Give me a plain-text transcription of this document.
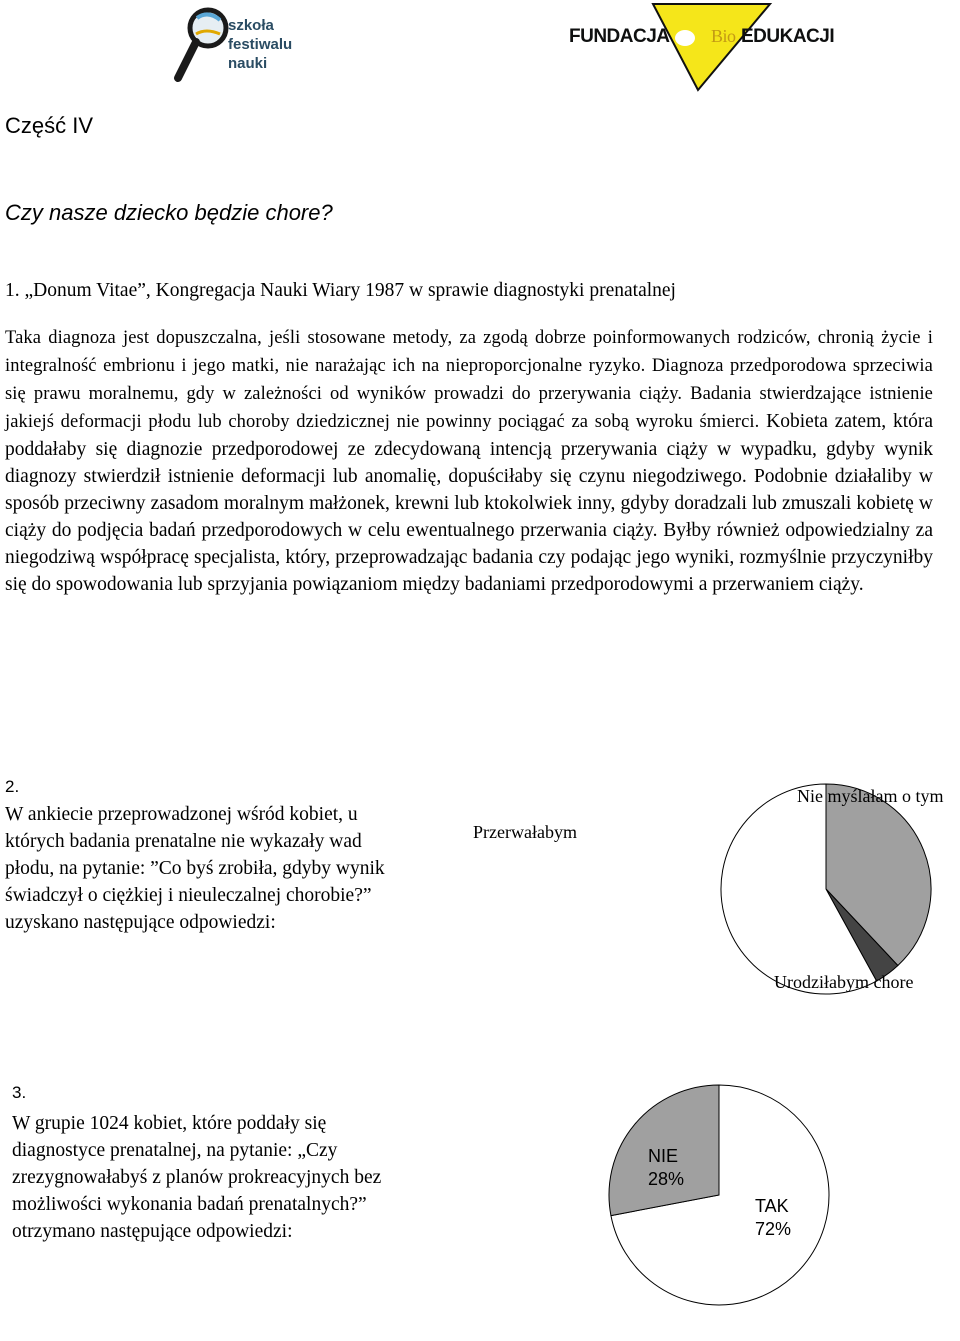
szkoła
festiwalu
nauki
FUNDACJA Bio EDUKACJI
Część IV
Czy nasze dziecko będzie chore?
1. „Donum Vitae”, Kongregacja Nauki Wiary 1987 w sprawie diagnostyki prenatalnej
Taka diagnoza jest dopuszczalna, jeśli stosowane metody, za zgodą dobrze poinformowanych rodziców, chronią życie i integralność embrionu i jego matki, nie narażając ich na nieproporcjonalne ryzyko. Diagnoza przedporodowa sprzeciwia się prawu moralnemu, gdy w zależności od wyników prowadzi do przerywania ciąży. Badania stwierdzające istnienie jakiejś deformacji płodu lub choroby dziedzicznej nie powinny pociągać za sobą wyroku śmierci. Kobieta zatem, która poddałaby się diagnozie przedporodowej ze zdecydowaną intencją przerywania ciąży w wypadku, gdyby wynik diagnozy stwierdził istnienie deformacji lub anomalię, dopuściłaby się czynu niegodziwego. Podobnie działaliby w sposób przeciwny zasadom moralnym małżonek, krewni lub ktokolwiek inny, gdyby doradzali lub zmuszali kobietę w ciąży do podjęcia badań przedporodowych w celu ewentualnego przerwania ciąży. Byłby również odpowiedzialny za niegodziwą współpracę specjalista, który, przeprowadzając badania czy podając jego wyniki, rozmyślnie przyczyniłby się do spowodowania lub sprzyjania powiązaniom między badaniami przedporodowymi a przerwaniem ciąży.
2.
W ankiecie przeprowadzonej wśród kobiet, u których badania prenatalne nie wykazały wad płodu, na pytanie: ”Co byś zrobiła, gdyby wynik świadczył o ciężkiej i nieuleczalnej chorobie?” uzyskano następujące odpowiedzi:
Nie myślałam o tym
Urodziłabym chore
Przerwałabym
3.
W grupie 1024 kobiet, które poddały się diagnostyce prenatalnej, na pytanie: „Czy zrezygnowałabyś z planów prokreacyjnych bez możliwości wykonania badań prenatalnych?” otrzymano następujące odpowiedzi:
NIE
28%
TAK
72%
